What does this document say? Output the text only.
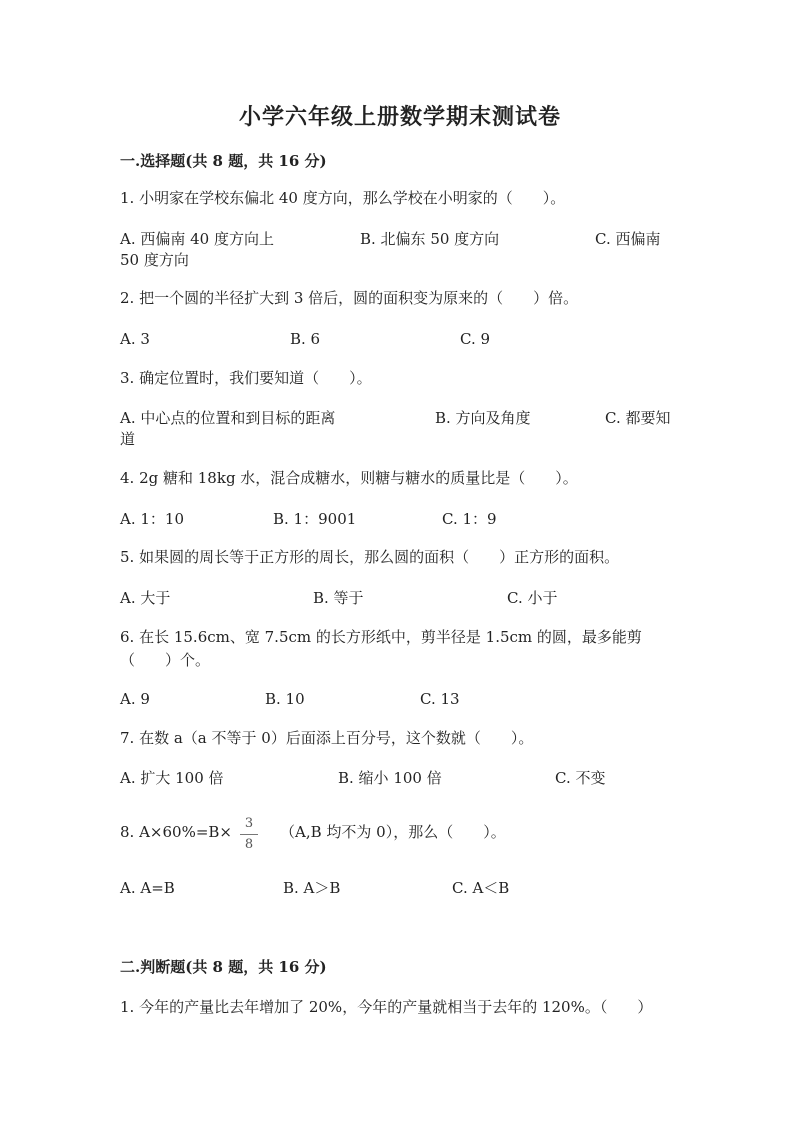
小学六年级上册数学期末测试卷
一.选择题(共 8 题，共 16 分)
1. 小明家在学校东偏北 40 度方向，那么学校在小明家的（　　）。
A. 西偏南 40 度方向上	B. 北偏东 50 度方向	C. 西偏南
50 度方向
2. 把一个圆的半径扩大到 3 倍后，圆的面积变为原来的（　　）倍。
A. 3	B. 6	C. 9
3. 确定位置时，我们要知道（　　）。
A. 中心点的位置和到目标的距离	B. 方向及角度	C. 都要知
道
4. 2g 糖和 18kg 水，混合成糖水，则糖与糖水的质量比是（　　）。
A. 1：10	B. 1：9001	C. 1：9
5. 如果圆的周长等于正方形的周长，那么圆的面积（　　）正方形的面积。
A. 大于	B. 等于	C. 小于
6. 在长 15.6cm、宽 7.5cm 的长方形纸中，剪半径是 1.5cm 的圆，最多能剪（　　）个。
A. 9	B. 10	C. 13
7. 在数 a（a 不等于 0）后面添上百分号，这个数就（　　）。
A. 扩大 100 倍	B. 缩小 100 倍	C. 不变
8. A×60%=B× 3
8
（A,B 均不为 0），那么（　　）。
A. A=B	B. A＞B	C. A＜B
二.判断题(共 8 题，共 16 分)
1. 今年的产量比去年增加了 20%，今年的产量就相当于去年的 120%。（　　）
